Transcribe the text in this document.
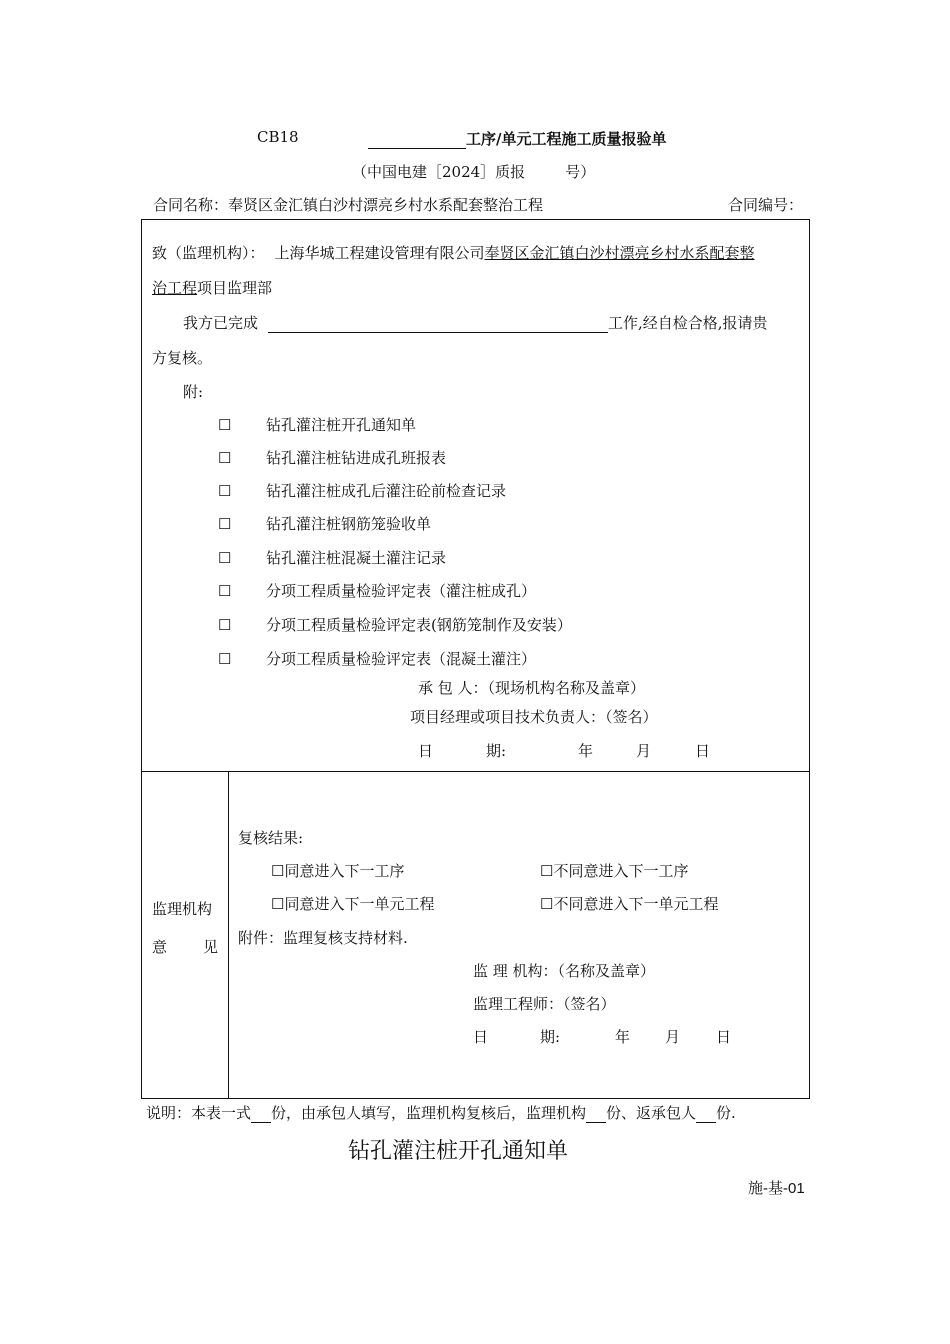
CB18	工序/单元工程施工质量报验单
（中国电建［2024］质报	号）
合同名称：奉贤区金汇镇白沙村漂亮乡村水系配套整治工程	合同编号：
致（监理机构）： 上海华城工程建设管理有限公司奉贤区金汇镇白沙村漂亮乡村水系配套整
治工程项目监理部
我方已完成	工作,经自检合格,报请贵
方复核。
附:
☐ 钻孔灌注桩开孔通知单
☐ 钻孔灌注桩钻进成孔班报表
☐ 钻孔灌注桩成孔后灌注砼前检查记录
☐ 钻孔灌注桩钢筋笼验收单
☐ 钻孔灌注桩混凝土灌注记录
☐ 分项工程质量检验评定表（灌注桩成孔）
☐ 分项工程质量检验评定表(钢筋笼制作及安装）
☐ 分项工程质量检验评定表（混凝土灌注）
承 包 人：（现场机构名称及盖章）
项目经理或项目技术负责人：（签名）
日	期:	年	月	日
监理机构
意 见
复核结果:
☐同意进入下一工序	☐不同意进入下一工序
☐同意进入下一单元工程	☐不同意进入下一单元工程
附件：监理复核支持材料.
监 理 机构：（名称及盖章）
监理工程师：（签名）
日	期:	年 月 日
说明：本表一式 份，由承包人填写，监理机构复核后，监理机构 份、返承包人 份.
钻孔灌注桩开孔通知单
施-基-01
